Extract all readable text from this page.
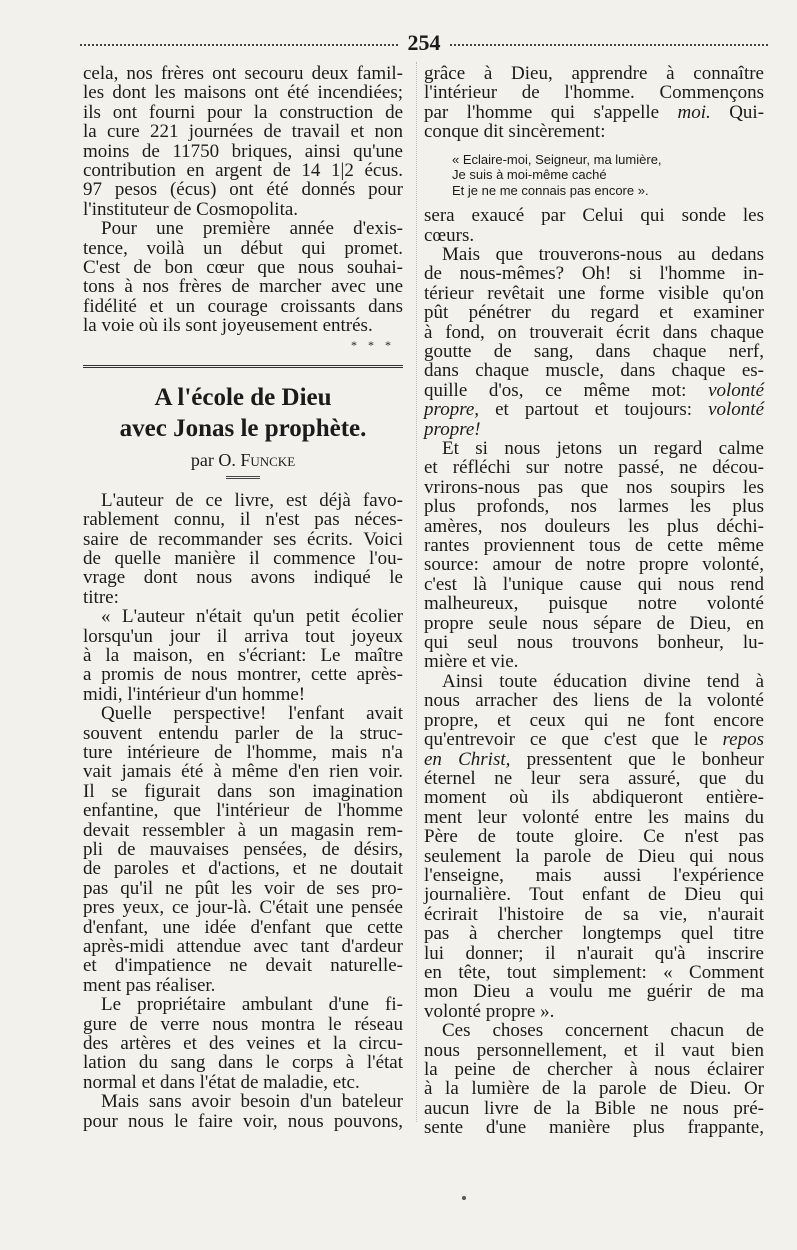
254
cela, nos frères ont secouru deux famil-
les dont les maisons ont été incendiées;
ils ont fourni pour la construction de
la cure 221 journées de travail et non
moins de 11750 briques, ainsi qu'une
contribution en argent de 14 1|2 écus.
97 pesos (écus) ont été donnés pour
l'instituteur de Cosmopolita.
Pour une première année d'exis-
tence, voilà un début qui promet.
C'est de bon cœur que nous souhai-
tons à nos frères de marcher avec une
fidélité et un courage croissants dans
la voie où ils sont joyeusement entrés.
* * *
A l'école de Dieu
avec Jonas le prophète.
par O. Funcke
L'auteur de ce livre, est déjà favo-
rablement connu, il n'est pas néces-
saire de recommander ses écrits. Voici
de quelle manière il commence l'ou-
vrage dont nous avons indiqué le
titre:
« L'auteur n'était qu'un petit écolier
lorsqu'un jour il arriva tout joyeux
à la maison, en s'écriant: Le maître
a promis de nous montrer, cette après-
midi, l'intérieur d'un homme!
Quelle perspective! l'enfant avait
souvent entendu parler de la struc-
ture intérieure de l'homme, mais n'a
vait jamais été à même d'en rien voir.
Il se figurait dans son imagination
enfantine, que l'intérieur de l'homme
devait ressembler à un magasin rem-
pli de mauvaises pensées, de désirs,
de paroles et d'actions, et ne doutait
pas qu'il ne pût les voir de ses pro-
pres yeux, ce jour-là. C'était une pensée
d'enfant, une idée d'enfant que cette
après-midi attendue avec tant d'ardeur
et d'impatience ne devait naturelle-
ment pas réaliser.
Le propriétaire ambulant d'une fi-
gure de verre nous montra le réseau
des artères et des veines et la circu-
lation du sang dans le corps à l'état
normal et dans l'état de maladie, etc.
Mais sans avoir besoin d'un bateleur
pour nous le faire voir, nous pouvons,
grâce à Dieu, apprendre à connaître
l'intérieur de l'homme. Commençons
par l'homme qui s'appelle moi. Qui-
conque dit sincèrement:
« Eclaire-moi, Seigneur, ma lumière,
Je suis à moi-même caché
Et je ne me connais pas encore ».
sera exaucé par Celui qui sonde les
cœurs.
Mais que trouverons-nous au dedans
de nous-mêmes? Oh! si l'homme in-
térieur revêtait une forme visible qu'on
pût pénétrer du regard et examiner
à fond, on trouverait écrit dans chaque
goutte de sang, dans chaque nerf,
dans chaque muscle, dans chaque es-
quille d'os, ce même mot: volonté
propre, et partout et toujours: volonté
propre!
Et si nous jetons un regard calme
et réfléchi sur notre passé, ne décou-
vrirons-nous pas que nos soupirs les
plus profonds, nos larmes les plus
amères, nos douleurs les plus déchi-
rantes proviennent tous de cette même
source: amour de notre propre volonté,
c'est là l'unique cause qui nous rend
malheureux, puisque notre volonté
propre seule nous sépare de Dieu, en
qui seul nous trouvons bonheur, lu-
mière et vie.
Ainsi toute éducation divine tend à
nous arracher des liens de la volonté
propre, et ceux qui ne font encore
qu'entrevoir ce que c'est que le repos
en Christ, pressentent que le bonheur
éternel ne leur sera assuré, que du
moment où ils abdiqueront entière-
ment leur volonté entre les mains du
Père de toute gloire. Ce n'est pas
seulement la parole de Dieu qui nous
l'enseigne, mais aussi l'expérience
journalière. Tout enfant de Dieu qui
écrirait l'histoire de sa vie, n'aurait
pas à chercher longtemps quel titre
lui donner; il n'aurait qu'à inscrire
en tête, tout simplement: « Comment
mon Dieu a voulu me guérir de ma
volonté propre ».
Ces choses concernent chacun de
nous personnellement, et il vaut bien
la peine de chercher à nous éclairer
à la lumière de la parole de Dieu. Or
aucun livre de la Bible ne nous pré-
sente d'une manière plus frappante,
